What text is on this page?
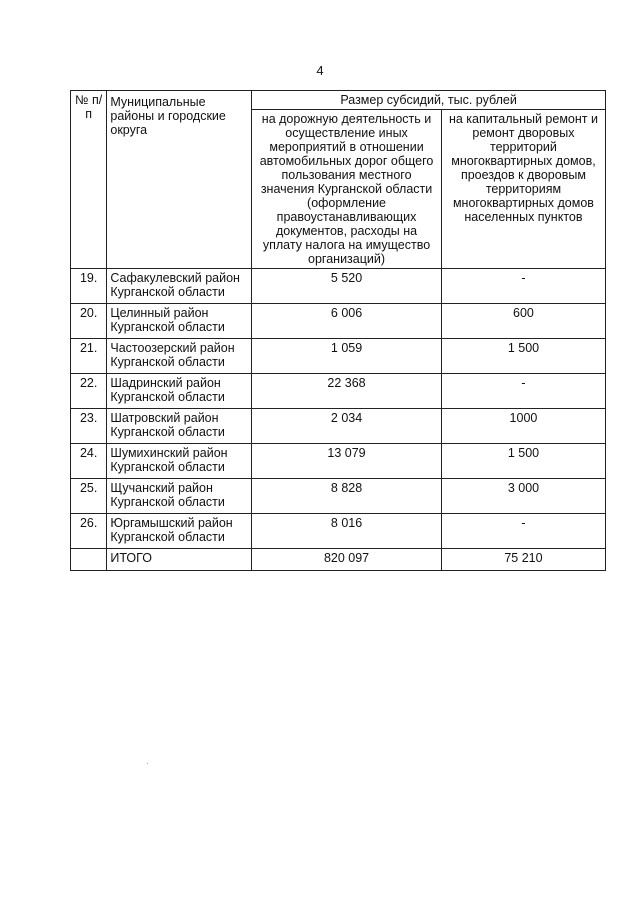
4
№ п/п	Муниципальные районы и городские округа	Размер субсидий, тыс. рублей	
		на дорожную деятельность и осуществление иных мероприятий в отношении автомобильных дорог общего пользования местного значения Курганской области (оформление правоустанавливающих документов, расходы на уплату налога на имущество организаций)	на капитальный ремонт и ремонт дворовых территорий многоквартирных домов, проездов к дворовым территориям многоквартирных домов населенных пунктов
19.	Сафакулевский район Курганской области	5 520	-
20.	Целинный район Курганской области	6 006	600
21.	Частоозерский район Курганской области	1 059	1 500
22.	Шадринский район Курганской области	22 368	-
23.	Шатровский район Курганской области	2 034	1000
24.	Шумихинский район Курганской области	13 079	1 500
25.	Щучанский район Курганской области	8 828	3 000
26.	Юргамышский район Курганской области	8 016	-
	ИТОГО	820 097	75 210
